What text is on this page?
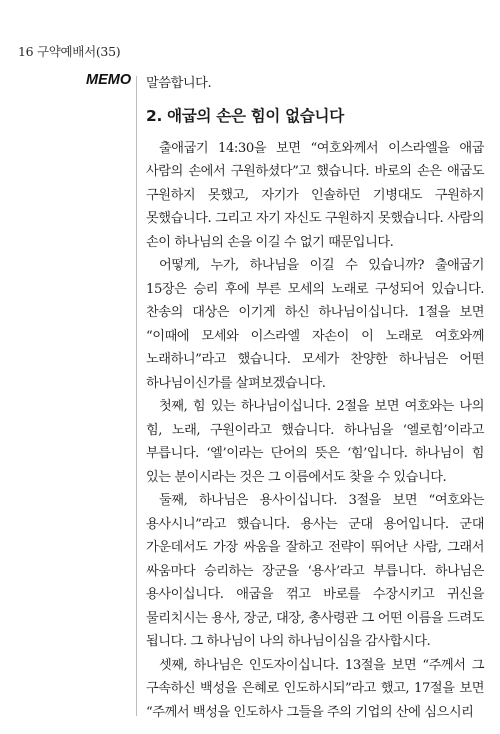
16 구약예배서(35)
MEMO 말씀합니다.

2. 애굽의 손은 힘이 없습니다

출애굽기 14:30을 보면 “여호와께서 이스라엘을 애굽 사람의 손에서 구원하셨다”고 했습니다. 바로의 손은 애굽도 구원하지 못했고, 자기가 인솔하던 기병대도 구원하지 못했습니다. 그리고 자기 자신도 구원하지 못했습니다. 사람의 손이 하나님의 손을 이길 수 없기 때문입니다.

어떻게, 누가, 하나님을 이길 수 있습니까? 출애굽기 15장은 승리 후에 부른 모세의 노래로 구성되어 있습니다. 찬송의 대상은 이기게 하신 하나님이십니다. 1절을 보면 “이때에 모세와 이스라엘 자손이 이 노래로 여호와께 노래하니”라고 했습니다. 모세가 찬양한 하나님은 어떤 하나님이신가를 살펴보겠습니다.

첫째, 힘 있는 하나님이십니다. 2절을 보면 여호와는 나의 힘, 노래, 구원이라고 했습니다. 하나님을 ‘엘로힘’이라고 부릅니다. ‘엘’이라는 단어의 뜻은 ‘힘’입니다. 하나님이 힘 있는 분이시라는 것은 그 이름에서도 찾을 수 있습니다.

둘째, 하나님은 용사이십니다. 3절을 보면 “여호와는 용사시니”라고 했습니다. 용사는 군대 용어입니다. 군대 가운데서도 가장 싸움을 잘하고 전략이 뛰어난 사람, 그래서 싸움마다 승리하는 장군을 ‘용사’라고 부릅니다. 하나님은 용사이십니다. 애굽을 꺾고 바로를 수장시키고 귀신을 물리치시는 용사, 장군, 대장, 총사령관 그 어떤 이름을 드려도 됩니다. 그 하나님이 나의 하나님이심을 감사합시다.

셋째, 하나님은 인도자이십니다. 13절을 보면 “주께서 그 구속하신 백성을 은혜로 인도하시되”라고 했고, 17절을 보면 “주께서 백성을 인도하사 그들을 주의 기업의 산에 심으시리
